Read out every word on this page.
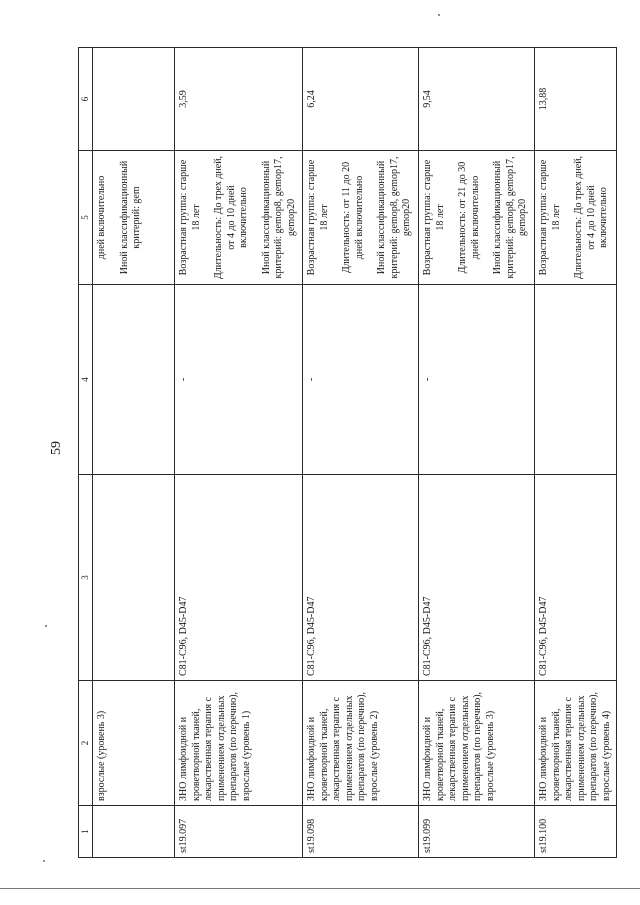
59
1	2	3	4	5	6
	взрослые (уровень 3)			дней включительно Иной классификационный критерий: gem	

st19.097	ЗНО лимфоидной и кроветворной тканей, лекарственная терапия с применением отдельных препаратов (по перечню), взрослые (уровень 1)	C81-C96, D45-D47	-	Возрастная группа: старше 18 лет Длительность: До трех дней, от 4 до 10 дней включительно Иной классификационный критерий: gemop8, gemop17, gemop20	3,59
st19.098	ЗНО лимфоидной и кроветворной тканей, лекарственная терапия с применением отдельных препаратов (по перечню), взрослые (уровень 2)	C81-C96, D45-D47	-	Возрастная группа: старше 18 лет Длительность: от 11 до 20 дней включительно Иной классификационный критерий: gemop8, gemop17, gemop20	6,24
st19.099	ЗНО лимфоидной и кроветворной тканей, лекарственная терапия с применением отдельных препаратов (по перечню), взрослые (уровень 3)	C81-C96, D45-D47	-	Возрастная группа: старше 18 лет Длительность: от 21 до 30 дней включительно Иной классификационный критерий: gemop8, gemop17, gemop20	9,54
st19.100	ЗНО лимфоидной и кроветворной тканей, лекарственная терапия с применением отдельных препаратов (по перечню), взрослые (уровень 4)	C81-C96, D45-D47		Возрастная группа: старше 18 лет Длительность: До трех дней, от 4 до 10 дней включительно	13,88
